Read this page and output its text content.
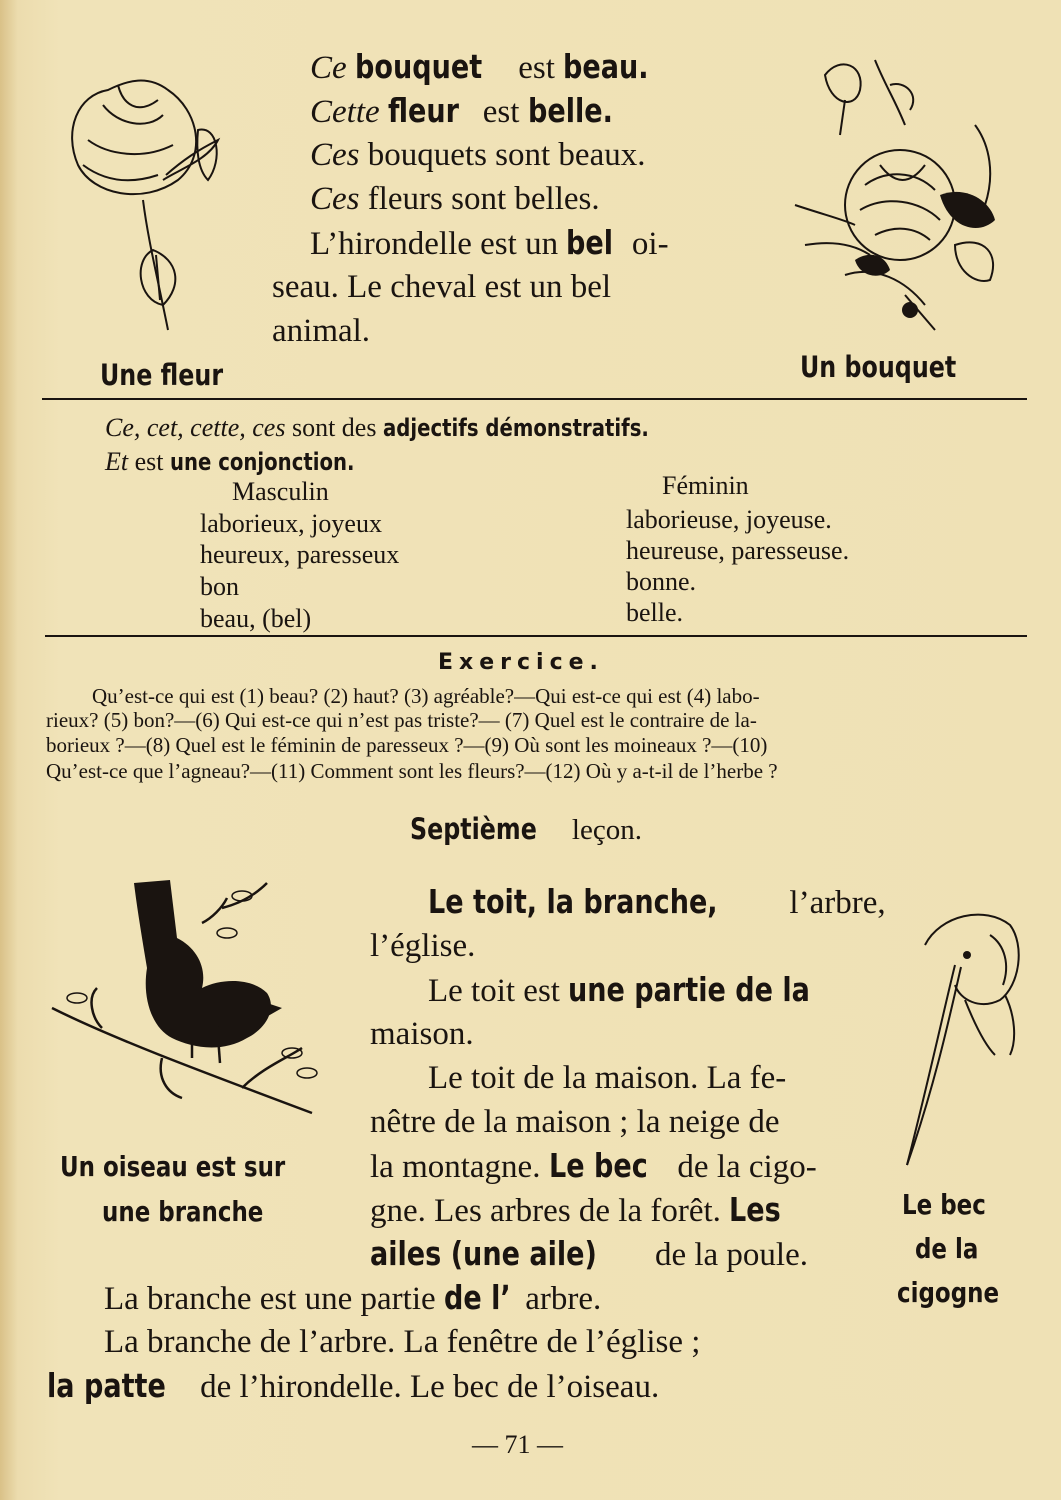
Ce bouquet est beau.
Cette fleur est belle.
Ces bouquets sont beaux.
Ces fleurs sont belles.
L’hirondelle est un bel oi-
seau. Le cheval est un bel
animal.
Une fleur	Un bouquet
Ce, cet, cette, ces sont des adjectifs démonstratifs.
Et est une conjonction.
Masculin	Féminin
laborieux, joyeux
heureux, paresseux
bon
beau, (bel)
laborieuse, joyeuse.
heureuse, paresseuse.
bonne.
belle.
Exercice.
Qu’est-ce qui est (1) beau? (2) haut? (3) agréable?—Qui est-ce qui est (4) labo-
rieux? (5) bon?—(6) Qui est-ce qui n’est pas triste?— (7) Quel est le contraire de la-
borieux ?—(8) Quel est le féminin de paresseux ?—(9) Où sont les moineaux ?—(10)
Qu’est-ce que l’agneau?—(11) Comment sont les fleurs?—(12) Où y a-t-il de l’herbe ?
Septième leçon.
Un oiseau est sur
une branche
Le toit, la branche, l’arbre,
l’église.
Le toit est une partie de la
maison.
Le toit de la maison. La fe-
nêtre de la maison ; la neige de
la montagne. Le bec de la cigo-
gne. Les arbres de la forêt. Les
ailes (une aile) de la poule.
Le bec
de la
cigogne
La branche est une partie de l’ arbre.
La branche de l’arbre. La fenêtre de l’église ;
la patte de l’hirondelle. Le bec de l’oiseau.
— 71 —
